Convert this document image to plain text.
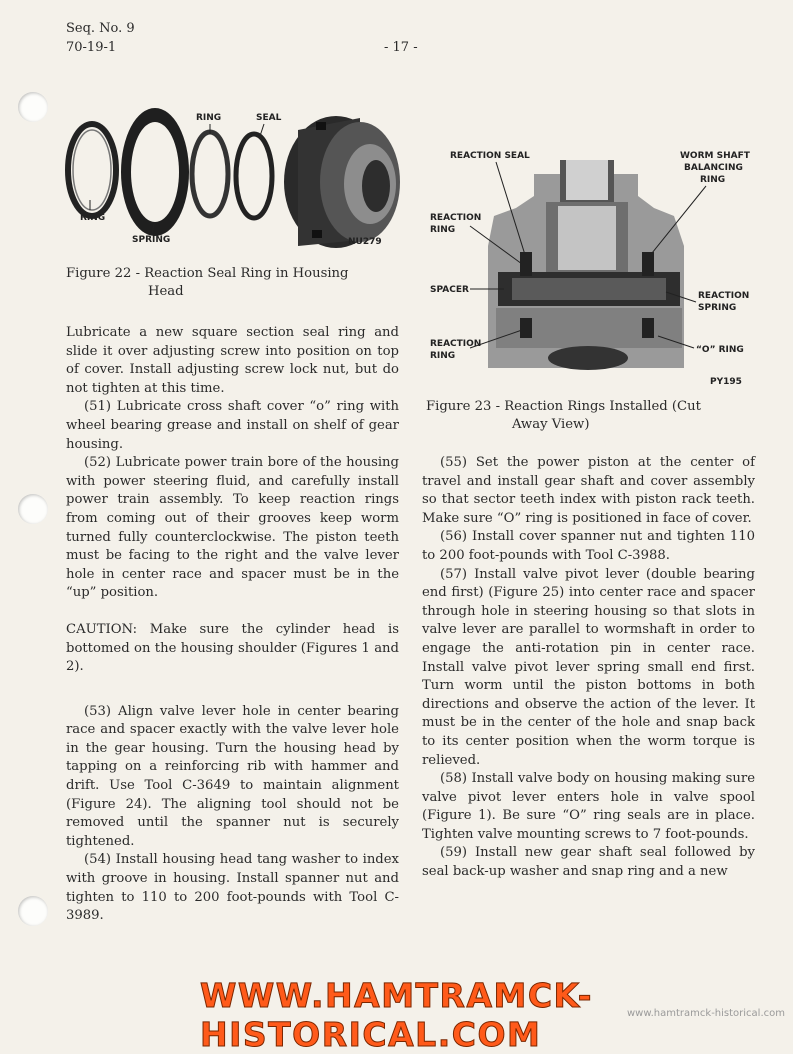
Seq. No. 9
70-19-1	- 17 -
RING
SPRING
RING	SEAL
NU279
Figure 22 - Reaction Seal Ring in Housing
Head
REACTION SEAL	WORM SHAFT
BALANCING
RING
REACTION
RING
SPACER
REACTION
SPRING
REACTION
RING
“O” RING
PY195
Figure 23 - Reaction Rings Installed (Cut
Away View)

Lubricate a new square section seal ring and slide it over adjusting screw into position on top of cover. Install adjusting screw lock nut, but do not tighten at this time.

(51) Lubricate cross shaft cover “o” ring with wheel bearing grease and install on shelf of gear housing.

(52) Lubricate power train bore of the housing with power steering fluid, and carefully install power train assembly. To keep reaction rings from coming out of their grooves keep worm turned fully counterclockwise. The piston teeth must be facing to the right and the valve lever hole in center race and spacer must be in the “up” position.

CAUTION: Make sure the cylinder head is bottomed on the housing shoulder (Figures 1 and 2).

(53) Align valve lever hole in center bearing race and spacer exactly with the valve lever hole in the gear housing. Turn the housing head by tapping on a reinforcing rib with hammer and drift. Use Tool C-3649 to maintain alignment (Figure 24). The aligning tool should not be removed until the spanner nut is securely tightened.

(54) Install housing head tang washer to index with groove in housing. Install spanner nut and tighten to 110 to 200 foot-pounds with Tool C-3989.

(55) Set the power piston at the center of travel and install gear shaft and cover assembly so that sector teeth index with piston rack teeth. Make sure “O” ring is positioned in face of cover.

(56) Install cover spanner nut and tighten 110 to 200 foot-pounds with Tool C-3988.

(57) Install valve pivot lever (double bearing end first) (Figure 25) into center race and spacer through hole in steering housing so that slots in valve lever are parallel to wormshaft in order to engage the anti-rotation pin in center race. Install valve pivot lever spring small end first. Turn worm until the piston bottoms in both directions and observe the action of the lever. It must be in the center of the hole and snap back to its center position when the worm torque is relieved.

(58) Install valve body on housing making sure valve pivot lever enters hole in valve spool (Figure 1). Be sure “O” ring seals are in place. Tighten valve mounting screws to 7 foot-pounds.

(59) Install new gear shaft seal followed by seal back-up washer and snap ring and a new

WWW.HAMTRAMCK-HISTORICAL.COM
www.hamtramck-historical.com
